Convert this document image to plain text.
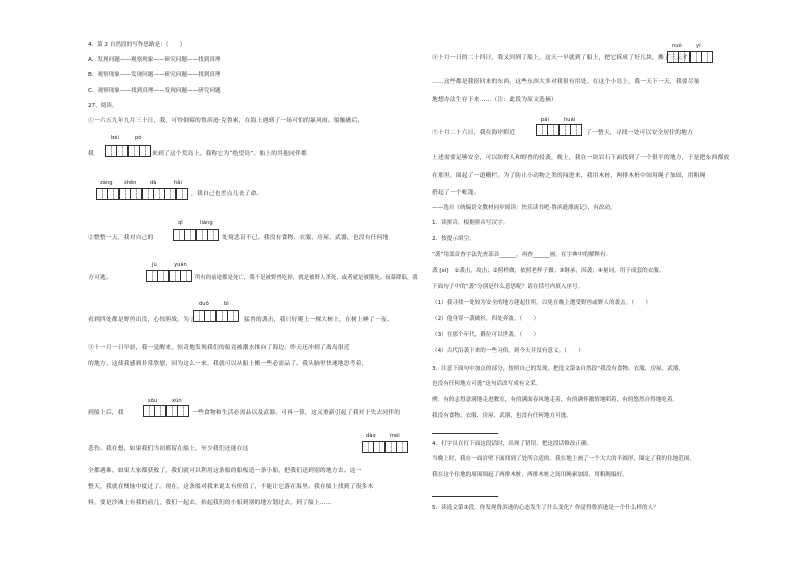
4．第 2 自然段的写作思路是：（　　）
A．发现问题——观察现象——研究问题——找到真理
B．观察现象——发现问题——研究问题——找到真理
C．观察现象——找到真理——发现问题——研究问题
27、阅读。
①一六五九年九月三十日，我，可怜倒霉的鲁滨逊·克鲁索，在海上遇到了一场可怕的暴风雨。船触礁后，
bèi	pò
我	来到了这个荒岛上。我称它为“绝望岛”。船上的其他同伴都
zàng shēn	dà	hǎi
，我自己也差点儿丧了命。
qī	liáng
②整整一天，我对自己的	处境悲哀不已。我没有食物、衣服、房屋、武器，也没有任何地
jù	yuán
方可逃。	所有的前途都是死亡，我不是被野兽吃掉，就是被野人杀死，或者就是被饿死。夜幕降临，我
duō	bì
看到四处都是野兽出没，心惊胆战。为了	猛兽的袭击，我只好爬上一棵大树上，在树上睡了一夜。
③十一月一日早晨，我一觉醒来，惊奇地发现我们的船竟被潮水推向了海边。昨天还冲到了离岛很近
的地方。这使我感到非常欣慰，因为这么一来，我就可以从船上搬一些必需品了。我头脑里快速地思考着，
sōu	xún
到船上后，我	一些食物和生活必需品以及武器。可再一算，这又重新引起了我对于失去同伴的
dào	méi
悲伤。我在想，如果我们当初都留在船上，至少我们还能在这
全都遇难。如果大家都获救了，我们就可以利用这条船的船板造一条小船，把我们送到别的地方去。这一
整天，我就在懊恼中度过了。现在，这条船对我来说太有价值了，不能让它落在海里。我在船上找到了很多木
料，要是沙滩上有我的前几，我们一起去，抬起我们的小船到别的地方划过去，到了船上……
nuó	yí
④十月一日的二十四日，我又回到了船上，这天一早就到了船上，把它拆成了好几块，搬了三天才
……这些都是我捞回来的东西，这些东西大多对我很有用处。在这个小岛上，我一天下一天，我要尽量
地想办法生存下来……（注：此段为原文选摘）
pái	huái
⑤十月二十六日，我在海岸附近	了一整天，寻找一处可以安全居住的地方
上述需要足够安全，可以防野人和野兽的侵袭，晚上，我在一块岩石下面找到了一个很平的地方，于是把东西都放
在那里，围起了一道栅栏。为了防止小动物之类的闯进来，我用木桩，两排木桩中间用绳子加固，用粗绳
搭起了一个帐篷。
——选自《统编语文教材同步阅读：快乐读书吧·鲁滨逊漂流记》，有改动。
1．读拼音，根据拼音写汉字。
2．按提示填空。
“袭”用部首查字法先查部首______，再查______画。在字典中的解释有：
袭 [xí]　①袭击，攻击；②照样做，依照老样子做；③继承，因袭；④量词，用于成套的衣服。
下面句子中的“袭”分别是什么意思呢？请在括号内填入序号。
（1）我寻找一处较为安全的地方建起住所，以免在晚上遭受野兽或野人的袭击。（　　）
（2）他身穿一袭破衫，四处奔波。（　　）
（3）在那个年代，爵位可以世袭。（　　）
（4）古代沿袭下来的一些习俗，到今天并没有意义。（　　）
3．注意下面句中加点的部分，按照自己的发现，把选文第②自然段“我没有食物、衣服、房屋、武器，
也没有任何地方可逃”这句话改写成有文采。
例：有的志得意满地走进教室，有的满面春风地走着，有的满怀激情地唱着，有的悠然自得地吃着。
我没有食物、衣服、房屋、武器，也没有任何地方可逃。
4．打字员在打下面这段话时，出现了错误。把这段话修改正确。
当晚上时，我在一面岩壁下面找到了处所合适的。我在地上画了一个大大的半圆形，圈定了我的住地范围。
我在这个住地的周围围起了两排木桩，两排木桩之间用绳索加固，用粗绳编好。
5．读选文第③段，你发现鲁滨逊的心态发生了什么变化？你觉得鲁滨逊是一个什么样的人？
